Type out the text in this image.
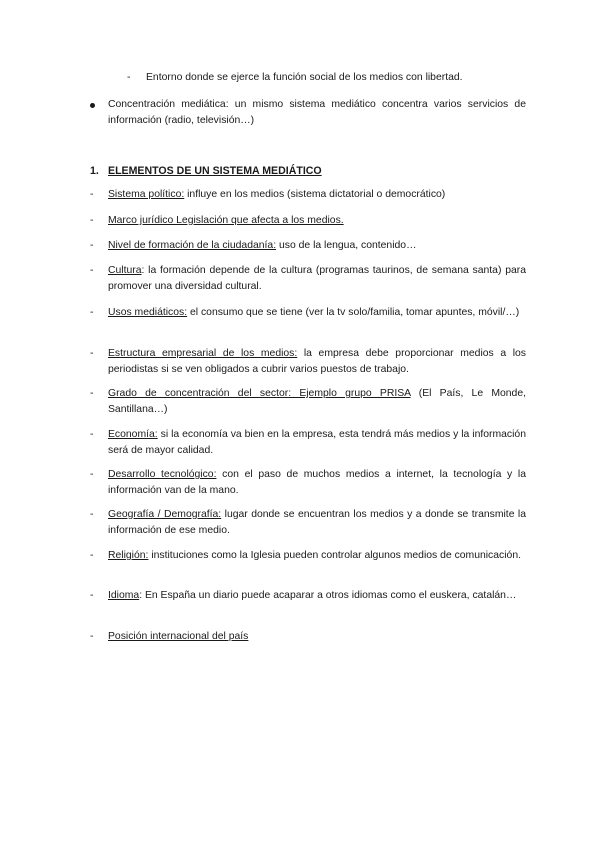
- Entorno donde se ejerce la función social de los medios con libertad.
Concentración mediática: un mismo sistema mediático concentra varios servicios de información (radio, televisión…)
1. ELEMENTOS DE UN SISTEMA MEDIÁTICO
- Sistema político: influye en los medios (sistema dictatorial o democrático)
- Marco jurídico Legislación que afecta a los medios.
- Nivel de formación de la ciudadanía: uso de la lengua, contenido…
- Cultura: la formación depende de la cultura (programas taurinos, de semana santa) para promover una diversidad cultural.
- Usos mediáticos: el consumo que se tiene (ver la tv solo/familia, tomar apuntes, móvil/…)
- Estructura empresarial de los medios: la empresa debe proporcionar medios a los periodistas si se ven obligados a cubrir varios puestos de trabajo.
- Grado de concentración del sector: Ejemplo grupo PRISA (El País, Le Monde, Santillana…)
- Economía: si la economía va bien en la empresa, esta tendrá más medios y la información será de mayor calidad.
- Desarrollo tecnológico: con el paso de muchos medios a internet, la tecnología y la información van de la mano.
- Geografía / Demografía: lugar donde se encuentran los medios y a donde se transmite la información de ese medio.
- Religión: instituciones como la Iglesia pueden controlar algunos medios de comunicación.
- Idioma: En España un diario puede acaparar a otros idiomas como el euskera, catalán…
- Posición internacional del país
